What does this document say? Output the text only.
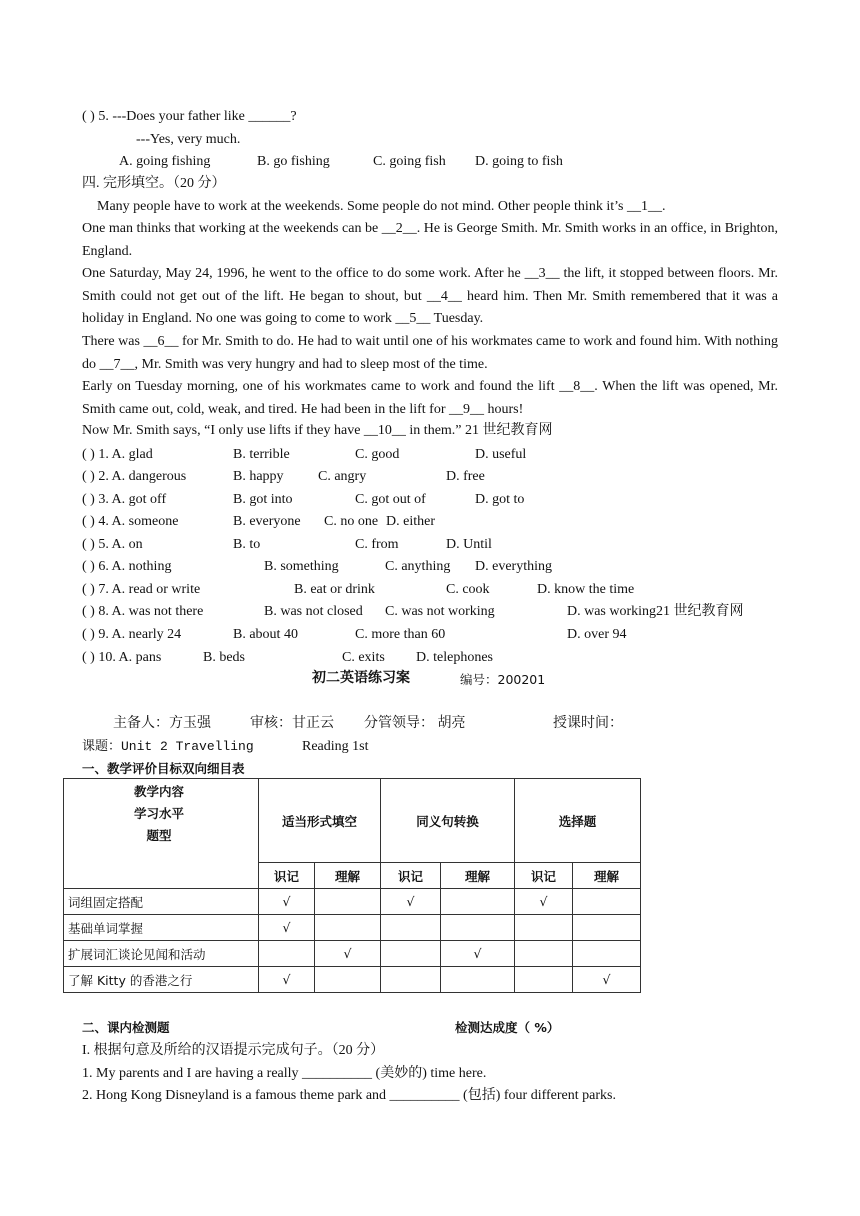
( ) 5. ---Does your father like ______?
---Yes, very much.
A. going fishing	B. go fishing	C. going fish D. going to fish
四. 完形填空。（20 分）
Many people have to work at the weekends. Some people do not mind. Other people think it’s __1__.
One man thinks that working at the weekends can be __2__. He is George Smith. Mr. Smith works in an office, in Brighton, England.
One Saturday, May 24, 1996, he went to the office to do some work. After he __3__ the lift, it stopped between floors. Mr. Smith could not get out of the lift. He began to shout, but __4__ heard him. Then Mr. Smith remembered that it was a holiday in England. No one was going to come to work __5__ Tuesday.
There was __6__ for Mr. Smith to do. He had to wait until one of his workmates came to work and found him. With nothing do __7__, Mr. Smith was very hungry and had to sleep most of the time.
Early on Tuesday morning, one of his workmates came to work and found the lift __8__. When the lift was opened, Mr. Smith came out, cold, weak, and tired. He had been in the lift for __9__ hours!
Now Mr. Smith says, “I only use lifts if they have __10__ in them.” 21 世纪教育网
( ) 1. A. glad	B. terrible	C. good	D. useful
( ) 2. A. dangerous	B. happy C. angry	D. free
( ) 3. A. got off	B. got into	C. got out of	D. got to
( ) 4. A. someone	B. everyone C. no one D. either
( ) 5. A. on	B. to	C. from	D. Until
( ) 6. A. nothing	B. something	C. anything D. everything
( ) 7. A. read or write	B. eat or drink	C. cook	D. know the time
( ) 8. A. was not there	B. was not closed C. was not working	D. was working21 世纪教育网
( ) 9. A. nearly 24	B. about 40	C. more than 60	D. over 94
( ) 10. A. pans	B. beds	C. exits D. telephones
初二英语练习案	编号：200201
主备人：方玉强	审核：甘正云 分管领导： 胡亮	授课时间：
课题：Unit 2 Travelling	Reading 1st
一、教学评价目标双向细目表
教学内容
学习水平
题型	适当形式填空		同义句转换		选择题	
	识记	理解	识记	理解	识记	理解
词组固定搭配	√		√		√	
基础单词掌握	√					
扩展词汇谈论见闻和活动		√		√		
了解 Kitty 的香港之行	√					√
二、课内检测题	检测达成度（ %）
I. 根据句意及所给的汉语提示完成句子。（20 分）
1. My parents and I are having a really __________ (美妙的) time here.
2. Hong Kong Disneyland is a famous theme park and __________ (包括) four different parks.
